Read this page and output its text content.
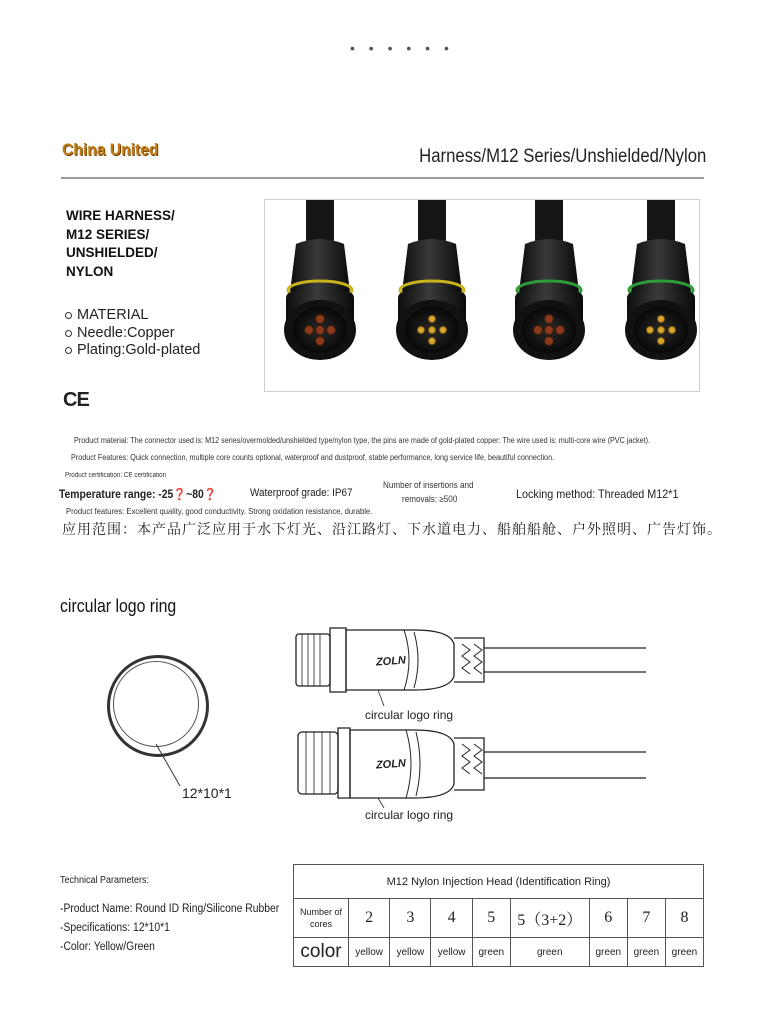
• • • • • •
China United	Harness/M12 Series/Unshielded/Nylon
WIRE HARNESS/
M12 SERIES/
UNSHIELDED/
NYLON
MATERIAL
Needle:Copper
Plating:Gold-plated
CE
Product material: The connector used is: M12 series/overmolded/unshielded type/nylon type, the pins are made of gold-plated copper: The wire used is: multi-core wire (PVC jacket).
Product Features: Quick connection, multiple core counts optional, waterproof and dustproof, stable performance, long service life, beautiful connection.
Product certification: CE certification
Temperature range: -25❓~80❓	Waterproof grade: IP67
Number of insertions and
removals: ≥500	Locking method: Threaded M12*1
Product features: Excellent quality, good conductivity. Strong oxidation resistance, durable.
应用范围：本产品广泛应用于水下灯光、沿江路灯、下水道电力、船舶船舱、户外照明、广告灯饰。
circular logo ring
12*10*1
ZOLN
ZOLN
circular logo ring
circular logo ring
Technical Parameters:
-Product Name: Round ID Ring/Silicone Rubber
-Specifications: 12*10*1
-Color: Yellow/Green
M12 Nylon Injection Head (Identification Ring)								
Number of cores	2	3	4	5	5（3+2）	6	7	8
color	yellow	yellow	yellow	green	green	green	green	green
